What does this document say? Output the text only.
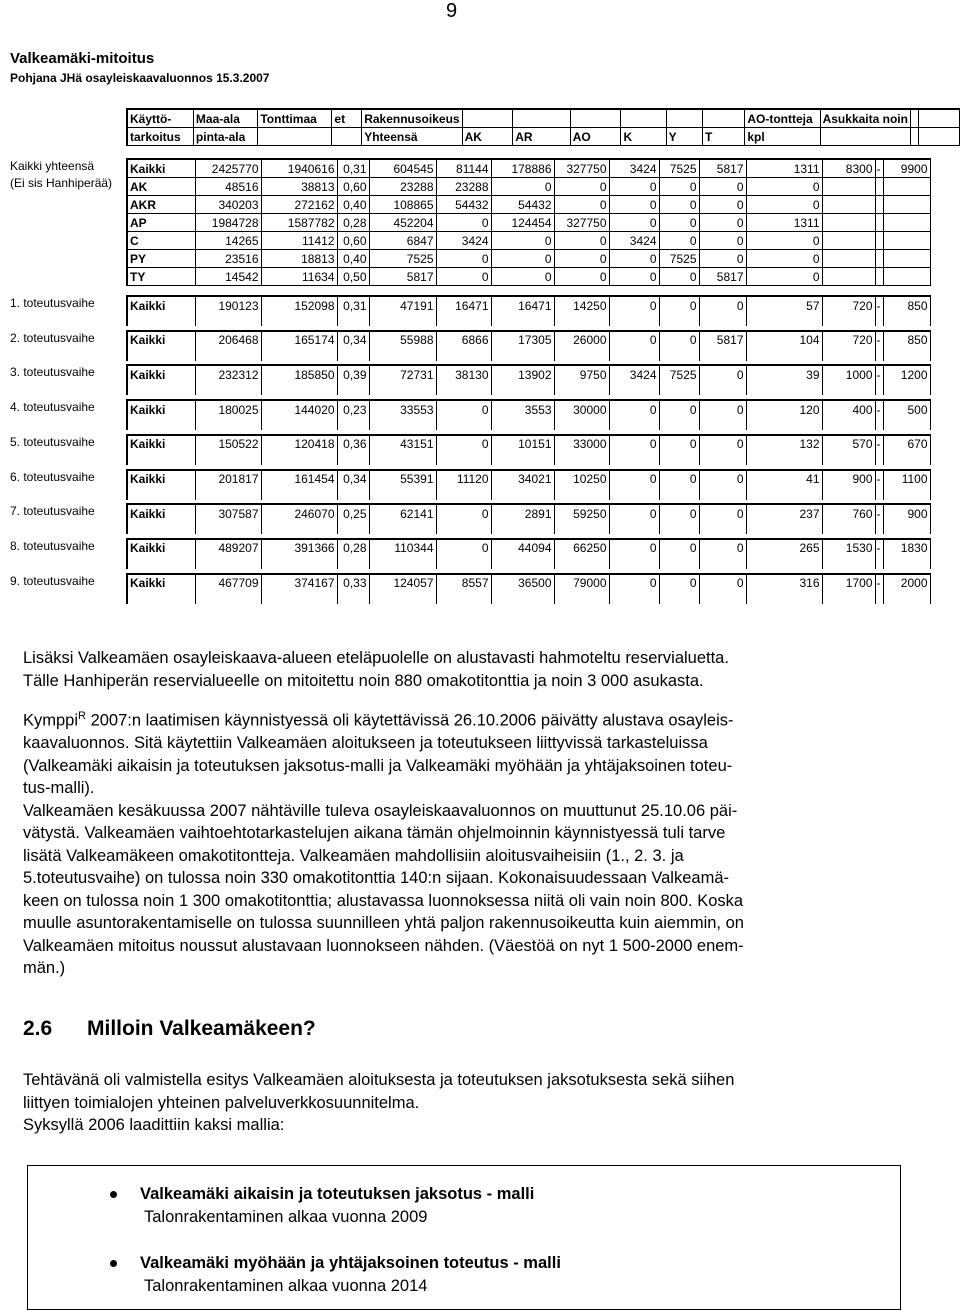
9
Valkeamäki-mitoitus
Pohjana JHä osayleiskaavaluonnos 15.3.2007
Käyttö-	Maa-ala	Tonttimaa	et	Rakennusoikeus							AO-tontteja	Asukkaita noin		
tarkoitus	pinta-ala			Yhteensä	AK	AR	AO	K	Y	T	kpl			
Kaikki yhteensä
(Ei sis Hanhiperää)
Kaikki	2425770	1940616	0,31	604545	81144	178886	327750	3424	7525	5817	1311	8300	-	9900
AK	48516	38813	0,60	23288	23288	0	0	0	0	0	0			
AKR	340203	272162	0,40	108865	54432	54432	0	0	0	0	0			
AP	1984728	1587782	0,28	452204	0	124454	327750	0	0	0	1311			
C	14265	11412	0,60	6847	3424	0	0	3424	0	0	0			
PY	23516	18813	0,40	7525	0	0	0	0	7525	0	0			
TY	14542	11634	0,50	5817	0	0	0	0	0	5817	0			
1. toteutusvaihe	Kaikki	190123	152098	0,31	47191	16471	16471	14250	0	0	0	57	720	-	850

2. toteutusvaihe	Kaikki	206468	165174	0,34	55988	6866	17305	26000	0	0	5817	104	720	-	850

3. toteutusvaihe	Kaikki	232312	185850	0,39	72731	38130	13902	9750	3424	7525	0	39	1000	-	1200

4. toteutusvaihe	Kaikki	180025	144020	0,23	33553	0	3553	30000	0	0	0	120	400	-	500

5. toteutusvaihe	Kaikki	150522	120418	0,36	43151	0	10151	33000	0	0	0	132	570	-	670

6. toteutusvaihe	Kaikki	201817	161454	0,34	55391	11120	34021	10250	0	0	0	41	900	-	1100

7. toteutusvaihe	Kaikki	307587	246070	0,25	62141	0	2891	59250	0	0	0	237	760	-	900

8. toteutusvaihe	Kaikki	489207	391366	0,28	110344	0	44094	66250	0	0	0	265	1530	-	1830

9. toteutusvaihe	Kaikki	467709	374167	0,33	124057	8557	36500	79000	0	0	0	316	1700	-	2000

Lisäksi Valkeamäen osayleiskaava-alueen eteläpuolelle on alustavasti hahmoteltu reservialuetta.

Tälle Hanhiperän reservialueelle on mitoitettu noin 880 omakotitonttia ja noin 3 000 asukasta.

Kymppi$^R$ 2007:n laatimisen käynnistyessä oli käytettävissä 26.10.2006 päivätty alustava osayleis-

kaavaluonnos. Sitä käytettiin Valkeamäen aloitukseen ja toteutukseen liittyvissä tarkasteluissa

(Valkeamäki aikaisin ja toteutuksen jaksotus-malli ja Valkeamäki myöhään ja yhtäjaksoinen toteu-

tus-malli).

Valkeamäen kesäkuussa 2007 nähtäville tuleva osayleiskaavaluonnos on muuttunut 25.10.06 päi-

vätystä. Valkeamäen vaihtoehtotarkastelujen aikana tämän ohjelmoinnin käynnistyessä tuli tarve

lisätä Valkeamäkeen omakotitontteja. Valkeamäen mahdollisiin aloitusvaiheisiin (1., 2. 3. ja

5.toteutusvaihe) on tulossa noin 330 omakotitonttia 140:n sijaan. Kokonaisuudessaan Valkeamä-

keen on tulossa noin 1 300 omakotitonttia; alustavassa luonnoksessa niitä oli vain noin 800. Koska

muulle asuntorakentamiselle on tulossa suunnilleen yhtä paljon rakennusoikeutta kuin aiemmin, on

Valkeamäen mitoitus noussut alustavaan luonnokseen nähden. (Väestöä on nyt 1 500-2000 enem-

män.)

2.6 Milloin Valkeamäkeen?

Tehtävänä oli valmistella esitys Valkeamäen aloituksesta ja toteutuksen jaksotuksesta sekä siihen

liittyen toimialojen yhteinen palveluverkkosuunnitelma.

Syksyllä 2006 laadittiin kaksi mallia:

Valkeamäki aikaisin ja toteutuksen jaksotus - malli
Talonrakentaminen alkaa vuonna 2009
Valkeamäki myöhään ja yhtäjaksoinen toteutus - malli
Talonrakentaminen alkaa vuonna 2014
